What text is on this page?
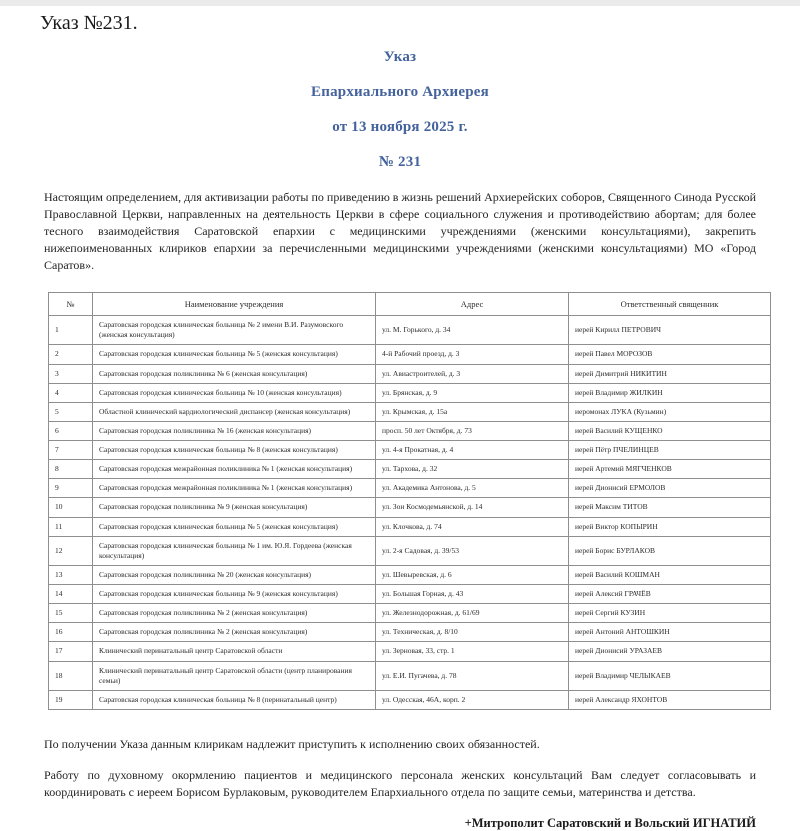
Указ №231.
Указ
Епархиального Архиерея
от 13 ноября 2025 г.
№ 231

Настоящим определением, для активизации работы по приведению в жизнь решений Архиерейских соборов, Священного Синода Русской Православной Церкви, направленных на деятельность Церкви в сфере социального служения и противодействию абортам; для более тесного взаимодействия Саратовской епархии с медицинскими учреждениями (женскими консультациями), закрепить нижепоименованных клириков епархии за перечисленными медицинскими учреждениями (женскими консультациями) МО «Город Саратов».

№	Наименование учреждения	Адрес	Ответственный священник
1	Саратовская городская клиническая больница № 2 имени В.И. Разумовского (женская консультация)	ул. М. Горького, д. 34	иерей Кирилл ПЕТРОВИЧ
2	Саратовская городская клиническая больница № 5 (женская консультация)	4-й Рабочий проезд, д. 3	иерей Павел МОРОЗОВ
3	Саратовская городская поликлиника № 6 (женская консультация)	ул. Авиастроителей, д. 3	иерей Димитрий НИКИТИН
4	Саратовская городская клиническая больница № 10 (женская консультация)	ул. Брянская, д. 9	иерей Владимир ЖИЛКИН
5	Областной клинический кардиологический диспансер (женская консультация)	ул. Крымская, д. 15а	иеромонах ЛУКА (Кузьмин)
6	Саратовская городская поликлиника № 16 (женская консультация)	просп. 50 лет Октября, д. 73	иерей Василий КУЩЕНКО
7	Саратовская городская клиническая больница № 8 (женская консультация)	ул. 4-я Прокатная, д. 4	иерей Пётр ПЧЕЛИНЦЕВ
8	Саратовская городская межрайонная поликлиника № 1 (женская консультация)	ул. Тархова, д. 32	иерей Артемий МЯГЧЕНКОВ
9	Саратовская городская межрайонная поликлиника № 1 (женская консультация)	ул. Академика Антонова, д. 5	иерей Дионисий ЕРМОЛОВ
10	Саратовская городская поликлиника № 9 (женская консультация)	ул. Зои Космодемьянской, д. 14	иерей Максим ТИТОВ
11	Саратовская городская клиническая больница № 5 (женская консультация)	ул. Клочкова, д. 74	иерей Виктор КОПЫРИН
12	Саратовская городская клиническая больница № 1 им. Ю.Я. Гордеева (женская консультация)	ул. 2-я Садовая, д. 39/53	иерей Борис БУРЛАКОВ
13	Саратовская городская поликлиника № 20 (женская консультация)	ул. Шевыревская, д. 6	иерей Василий КОШМАН
14	Саратовская городская клиническая больница № 9 (женская консультация)	ул. Большая Горная, д. 43	иерей Алексий ГРАЧЁВ
15	Саратовская городская поликлиника № 2 (женская консультация)	ул. Железнодорожная, д. 61/69	иерей Сергий КУЗИН
16	Саратовская городская поликлиника № 2 (женская консультация)	ул. Техническая, д. 8/10	иерей Антоний АНТОШКИН
17	Клинический перинатальный центр Саратовской области	ул. Зерновая, 33, стр. 1	иерей Дионисий УРАЗАЕВ
18	Клинический перинатальный центр Саратовской области (центр планирования семьи)	ул. Е.И. Пугачева, д. 78	иерей Владимир ЧЕЛЫКАЕВ
19	Саратовская городская клиническая больница № 8 (перинатальный центр)	ул. Одесская, 46А, корп. 2	иерей Александр ЯХОНТОВ

По получении Указа данным клирикам надлежит приступить к исполнению своих обязанностей.

Работу по духовному окормлению пациентов и медицинского персонала женских консультаций Вам следует согласовывать и координировать с иереем Борисом Бурлаковым, руководителем Епархиального отдела по защите семьи, материнства и детства.

+Митрополит Саратовский и Вольский ИГНАТИЙ
